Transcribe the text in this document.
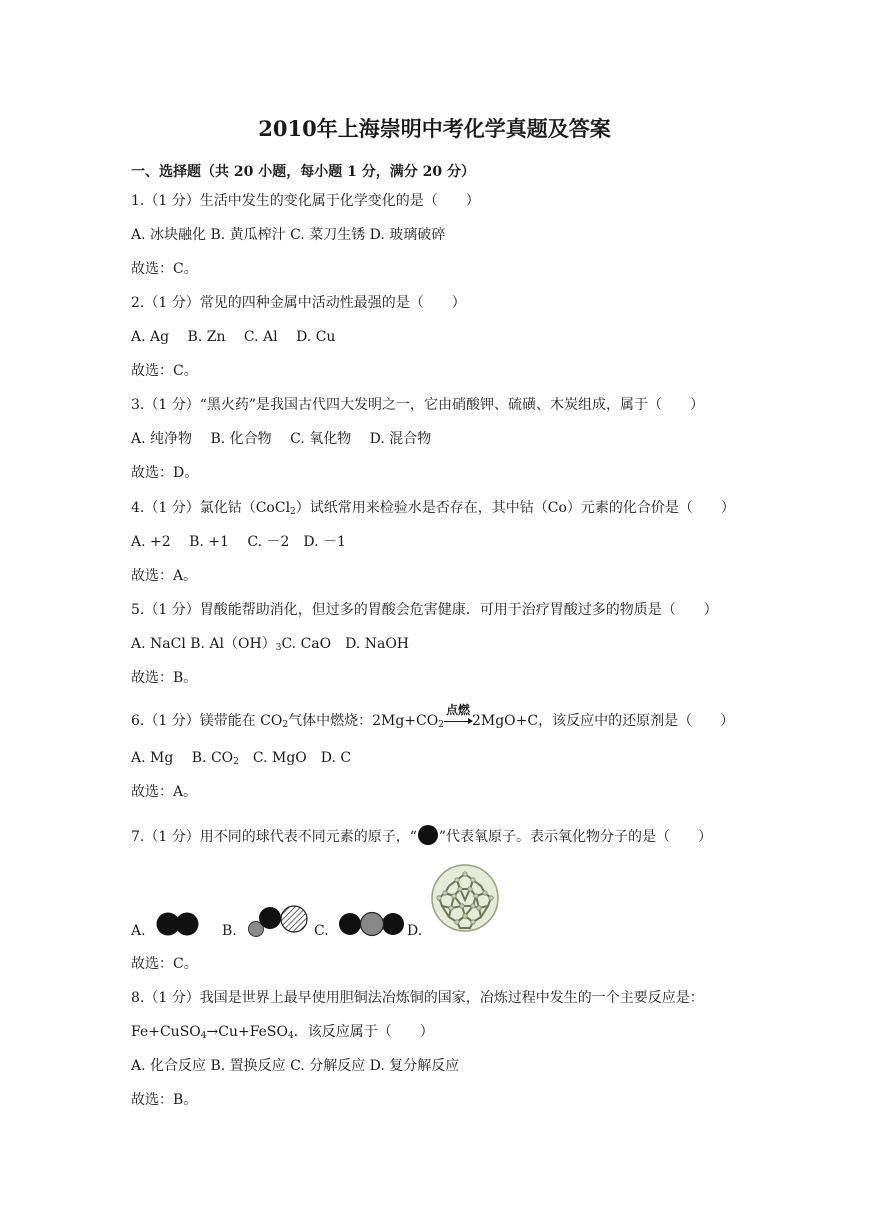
2010年上海崇明中考化学真题及答案
一、选择题（共 20 小题，每小题 1 分，满分 20 分）
1.（1 分）生活中发生的变化属于化学变化的是（　　）
A. 冰块融化 B. 黄瓜榨汁 C. 菜刀生锈 D. 玻璃破碎
故选：C。
2.（1 分）常见的四种金属中活动性最强的是（　　）
A. Ag　 B. Zn　 C. Al　 D. Cu
故选：C。
3.（1 分）“黑火药”是我国古代四大发明之一，它由硝酸钾、硫磺、木炭组成，属于（　　）
A. 纯净物　 B. 化合物　 C. 氧化物　 D. 混合物
故选：D。
4.（1 分）氯化钴（CoCl$_2$）试纸常用来检验水是否存在，其中钴（Co）元素的化合价是（　　）
A. +2　 B. +1　 C. －2　D. －1
故选：A。
5.（1 分）胃酸能帮助消化，但过多的胃酸会危害健康．可用于治疗胃酸过多的物质是（　　）
A. NaCl B. $Al(OH)_3C$. CaO　D. NaOH
故选：B。
6.（1 分）镁带能在 $CO_2$气体中燃烧：$2Mg+CO_2$
点燃
2MgO+C，该反应中的还原剂是（　　）
A. Mg　 B. $CO_2$　C. MgO　D. C
故选：A。
7.（1 分）用不同的球代表不同元素的原子，“ ”代表氧原子。表示氧化物分子的是（　　）
A.	B.	C.	D.
故选：C。
8.（1 分）我国是世界上最早使用胆铜法冶炼铜的国家，冶炼过程中发生的一个主要反应是：
Fe+CuSO$_4$→Cu+FeSO$_4$．该反应属于（　　）
A. 化合反应 B. 置换反应 C. 分解反应 D. 复分解反应
故选：B。
